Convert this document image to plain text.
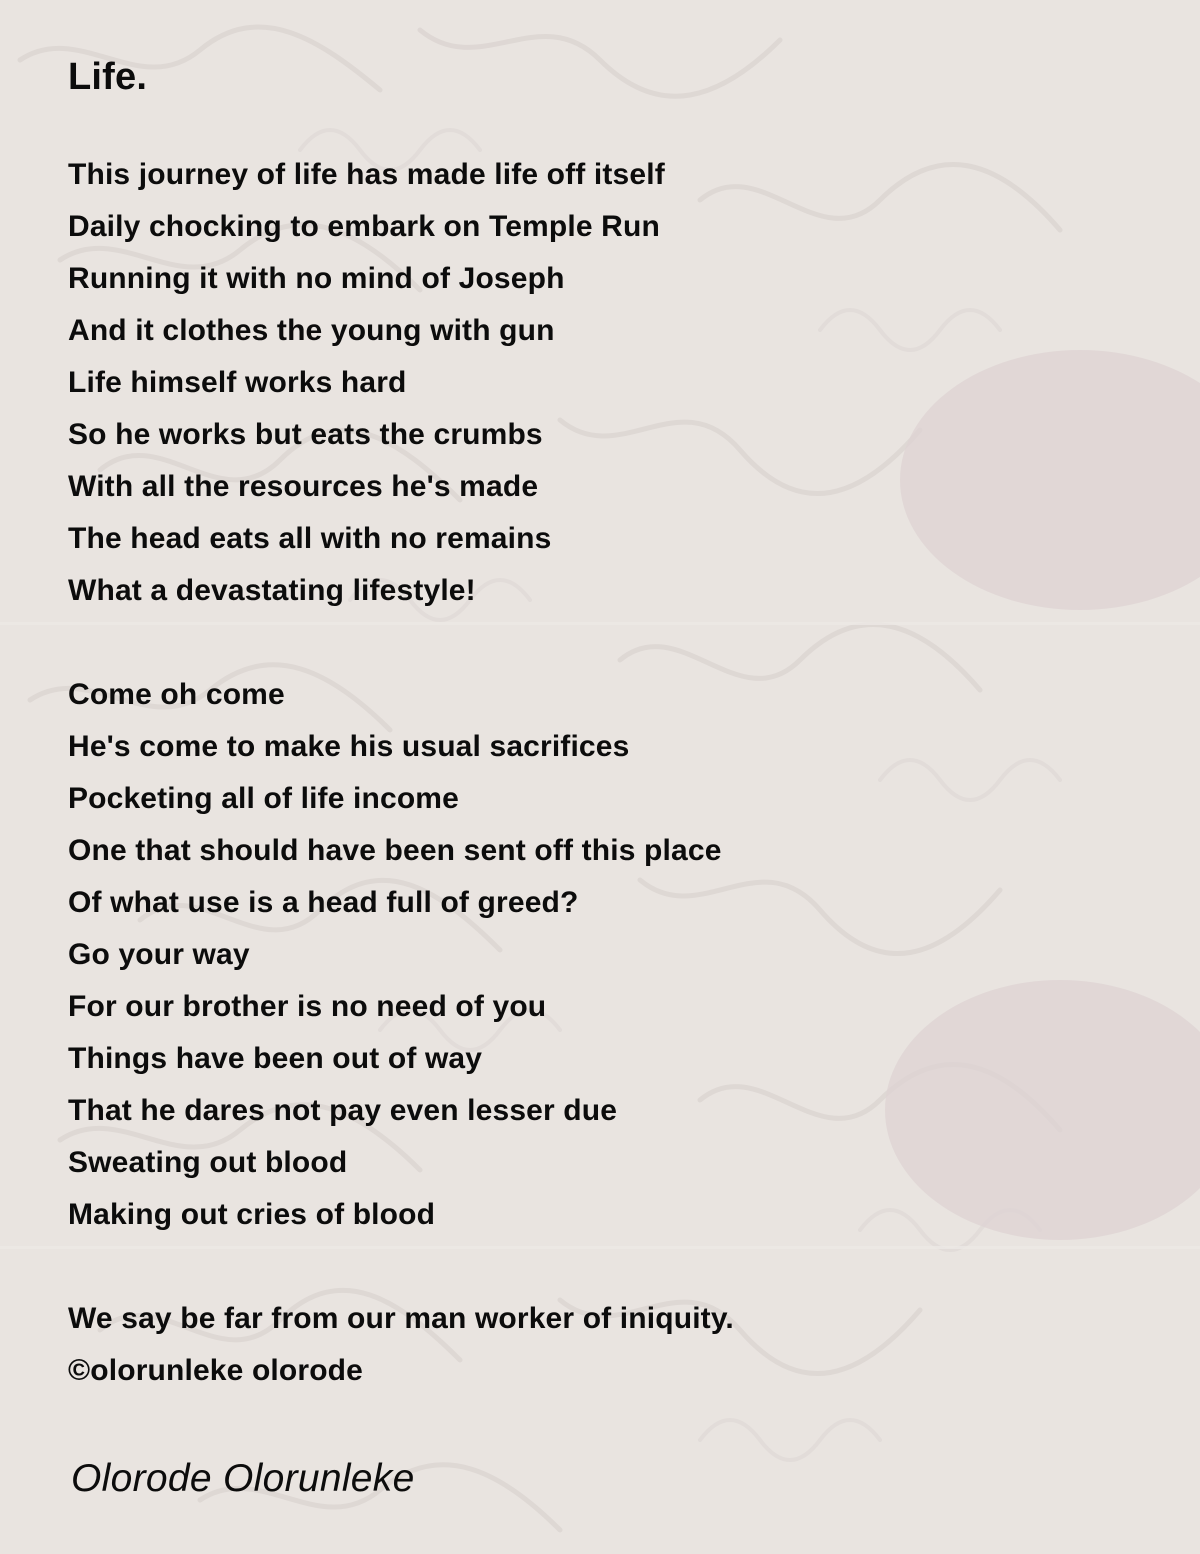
Life.
This journey of life has made life off itself
Daily chocking to embark on Temple Run
Running it with no mind of Joseph
And it clothes the young with gun
Life himself works hard
So he works but eats the crumbs
With all the resources he's made
The head eats all with no remains
What a devastating lifestyle!
Come oh come
He's come to make his usual sacrifices
Pocketing all of life income
One that should have been sent off this place
Of what use is a head full of greed?
Go your way
For our brother is no need of you
Things have been out of way
That he dares not pay even lesser due
Sweating out blood
Making out cries of blood
We say be far from our man worker of iniquity.
©olorunleke olorode

Olorode Olorunleke
